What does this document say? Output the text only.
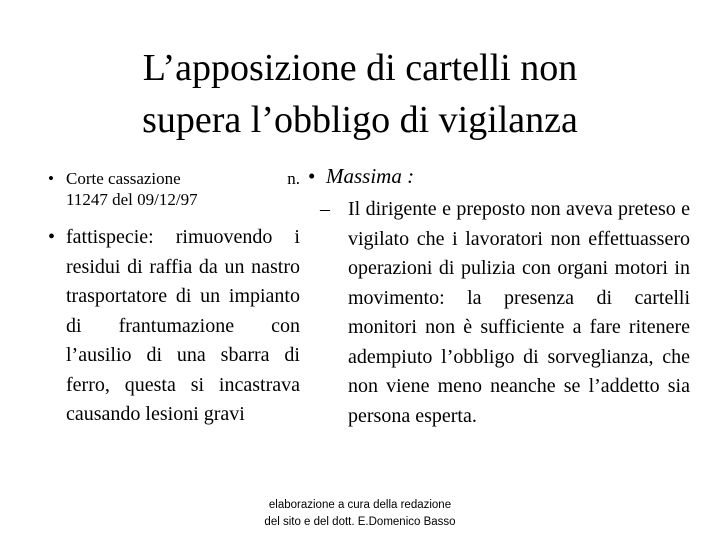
L’apposizione di cartelli non
supera l’obbligo di vigilanza
• Corte cassazione	n.
11247 del 09/12/97
• fattispecie: rimuovendo i residui di raffia da un nastro trasportatore di un impianto di frantumazione con l’ausilio di una sbarra di ferro, questa si incastrava causando lesioni gravi
• Massima :
– Il dirigente e preposto non aveva preteso e vigilato che i lavoratori non effettuassero operazioni di pulizia con organi motori in movimento: la presenza di cartelli monitori non è sufficiente a fare ritenere adempiuto l’obbligo di sorveglianza, che non viene meno neanche se l’addetto sia persona esperta.
elaborazione a cura della redazione
del sito e del dott. E.Domenico Basso
